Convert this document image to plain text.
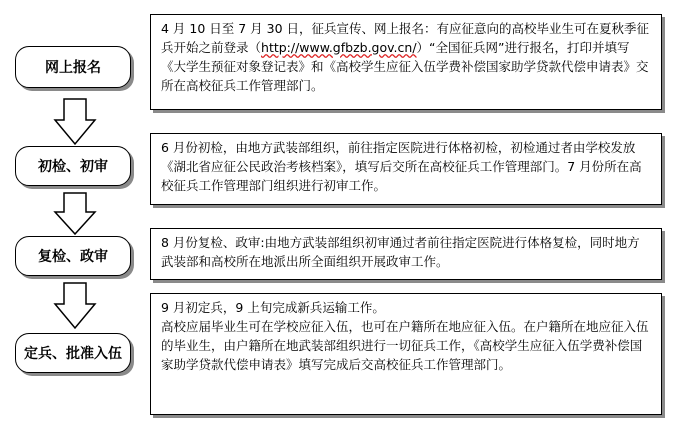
网上报名

4 月 10 日至 7 月 30 日，征兵宣传、网上报名：有应征意向的高校毕业生可在夏秋季征兵开始之前登录（http://www.gfbzb.gov.cn/）“全国征兵网”进行报名，打印并填写《大学生预征对象登记表》和《高校学生应征入伍学费补偿国家助学贷款代偿申请表》交所在高校征兵工作管理部门。

初检、初审

6 月份初检，由地方武装部组织，前往指定医院进行体格初检，初检通过者由学校发放《湖北省应征公民政治考核档案》，填写后交所在高校征兵工作管理部门。7 月份所在高校征兵工作管理部门组织进行初审工作。

复检、政审

8 月份复检、政审:由地方武装部组织初审通过者前往指定医院进行体格复检，同时地方武装部和高校所在地派出所全面组织开展政审工作。

定兵、批准入伍

9 月初定兵，9 上旬完成新兵运输工作。

高校应届毕业生可在学校应征入伍，也可在户籍所在地应征入伍。在户籍所在地应征入伍的毕业生，由户籍所在地武装部组织进行一切征兵工作，《高校学生应征入伍学费补偿国家助学贷款代偿申请表》填写完成后交高校征兵工作管理部门。
